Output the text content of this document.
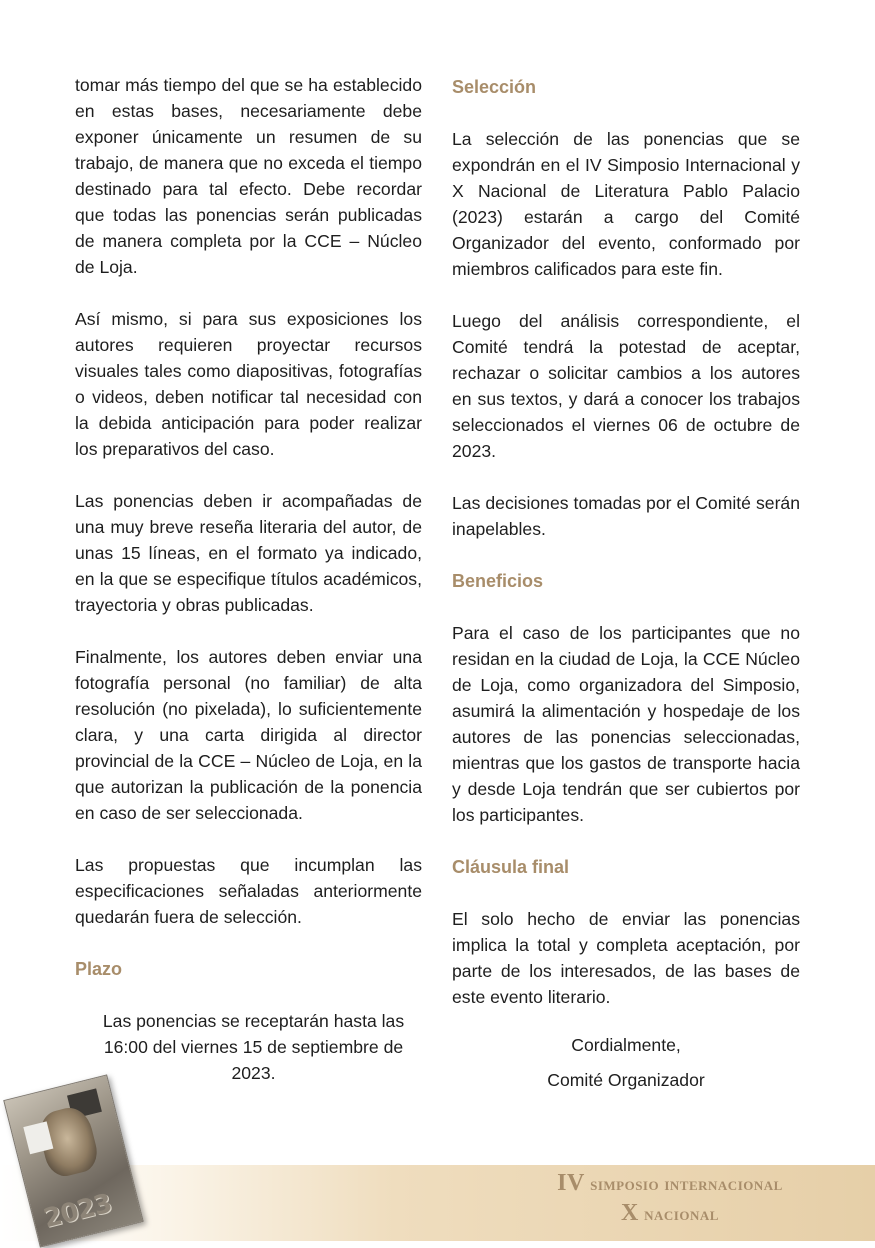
tomar más tiempo del que se ha establecido en estas bases, necesariamente debe exponer únicamente un resumen de su trabajo, de manera que no exceda el tiempo destinado para tal efecto. Debe recordar que todas las ponencias serán publicadas de manera completa por la CCE – Núcleo de Loja.

Así mismo, si para sus exposiciones los autores requieren proyectar recursos visuales tales como diapositivas, fotografías o videos, deben notificar tal necesidad con la debida anticipación para poder realizar los preparativos del caso.

Las ponencias deben ir acompañadas de una muy breve reseña literaria del autor, de unas 15 líneas, en el formato ya indicado, en la que se especifique títulos académicos, trayectoria y obras publicadas.

Finalmente, los autores deben enviar una fotografía personal (no familiar) de alta resolución (no pixelada), lo suficientemente clara, y una carta dirigida al director provincial de la CCE – Núcleo de Loja, en la que autorizan la publicación de la ponencia en caso de ser seleccionada.

Las propuestas que incumplan las especificaciones señaladas anteriormente quedarán fuera de selección.

Plazo

Las ponencias se receptarán hasta las 16:00 del viernes 15 de septiembre de 2023.

Selección

La selección de las ponencias que se expondrán en el IV Simposio Internacional y X Nacional de Literatura Pablo Palacio (2023) estarán a cargo del Comité Organizador del evento, conformado por miembros calificados para este fin.

Luego del análisis correspondiente, el Comité tendrá la potestad de aceptar, rechazar o solicitar cambios a los autores en sus textos, y dará a conocer los trabajos seleccionados el viernes 06 de octubre de 2023.

Las decisiones tomadas por el Comité serán inapelables.

Beneficios

Para el caso de los participantes que no residan en la ciudad de Loja, la CCE Núcleo de Loja, como organizadora del Simposio, asumirá la alimentación y hospedaje de los autores de las ponencias seleccionadas, mientras que los gastos de transporte hacia y desde Loja tendrán que ser cubiertos por los participantes.

Cláusula final

El solo hecho de enviar las ponencias implica la total y completa aceptación, por parte de los interesados, de las bases de este evento literario.

Cordialmente,
Comité Organizador
2023
IV simposio internacional
X nacional
